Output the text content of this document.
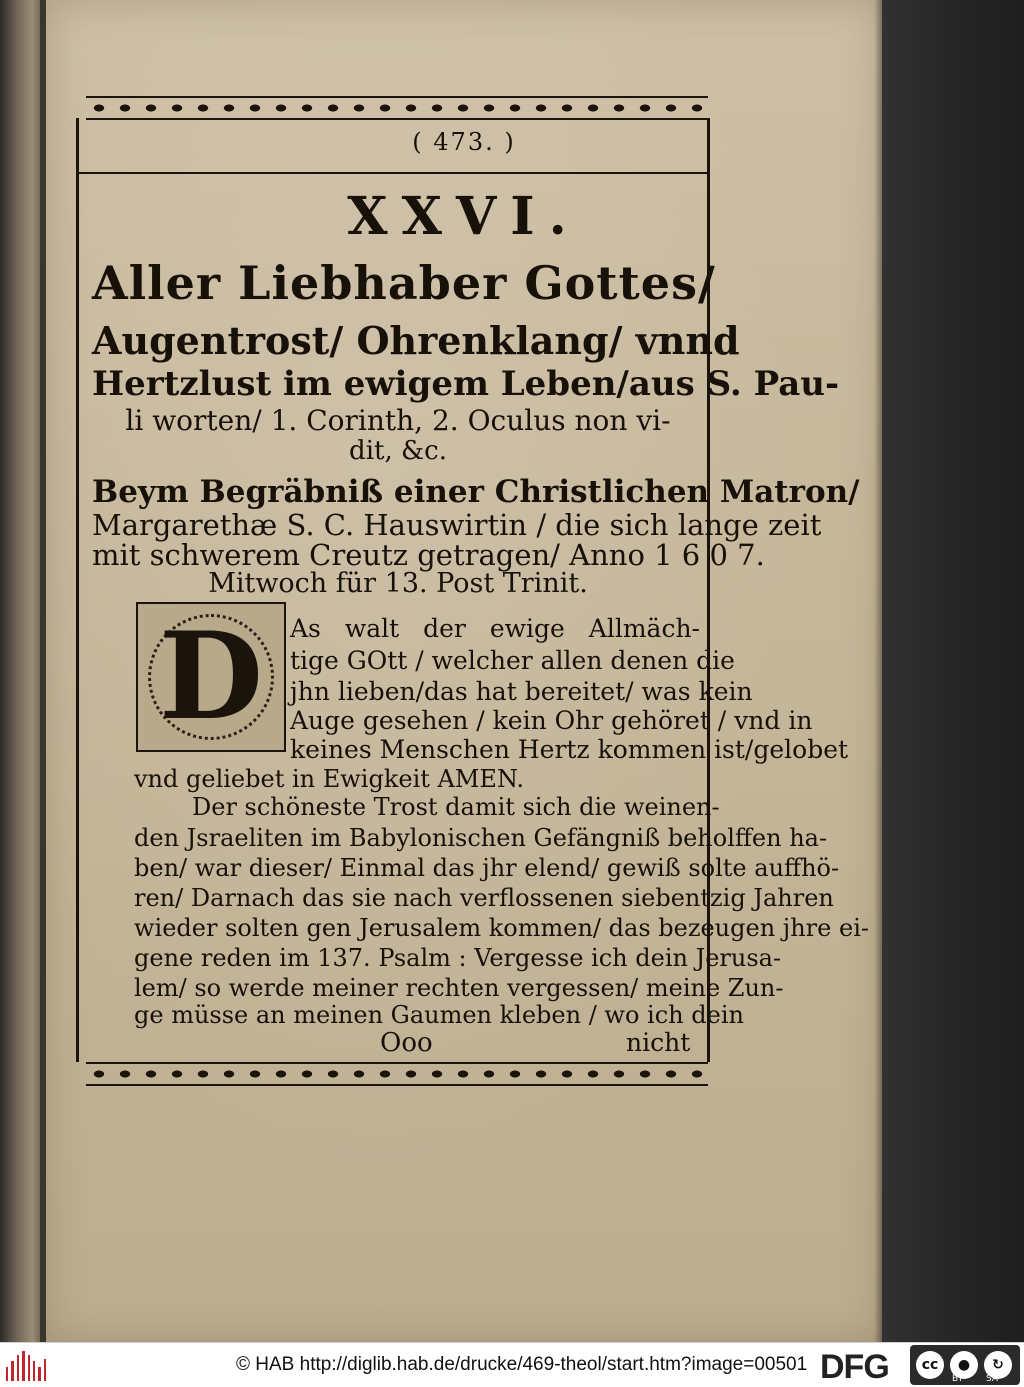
( 473. )
XXVI.
Aller Liebhaber Gottes/
Augentrost/ Ohrenklang/ vnnd
Hertzlust im ewigem Leben/aus S. Pau-
li worten/ 1. Corinth, 2. Oculus non vi-
dit, &c.
Beym Begräbniß einer Christlichen Matron/
Margarethæ S. C. Hauswirtin / die sich lange zeit
mit schwerem Creutz getragen/ Anno 1 6 0 7.
Mitwoch für 13. Post Trinit.
D	As walt der ewige Allmäch-
tige GOtt / welcher allen denen die
jhn lieben/das hat bereitet/ was kein
Auge gesehen / kein Ohr gehöret / vnd in
keines Menschen Hertz kommen ist/gelobet
vnd geliebet in Ewigkeit AMEN.
Der schöneste Trost damit sich die weinen-
den Jsraeliten im Babylonischen Gefängniß beholffen ha-
ben/ war dieser/ Einmal das jhr elend/ gewiß solte auffhö-
ren/ Darnach das sie nach verflossenen siebentzig Jahren
wieder solten gen Jerusalem kommen/ das bezeugen jhre ei-
gene reden im 137. Psalm : Vergesse ich dein Jerusa-
lem/ so werde meiner rechten vergessen/ meine Zun-
ge müsse an meinen Gaumen kleben / wo ich dein
Ooo	nicht
© HAB http://diglib.hab.de/drucke/469-theol/start.htm?image=00501 DFG	cc	●	↻
BY	SA
